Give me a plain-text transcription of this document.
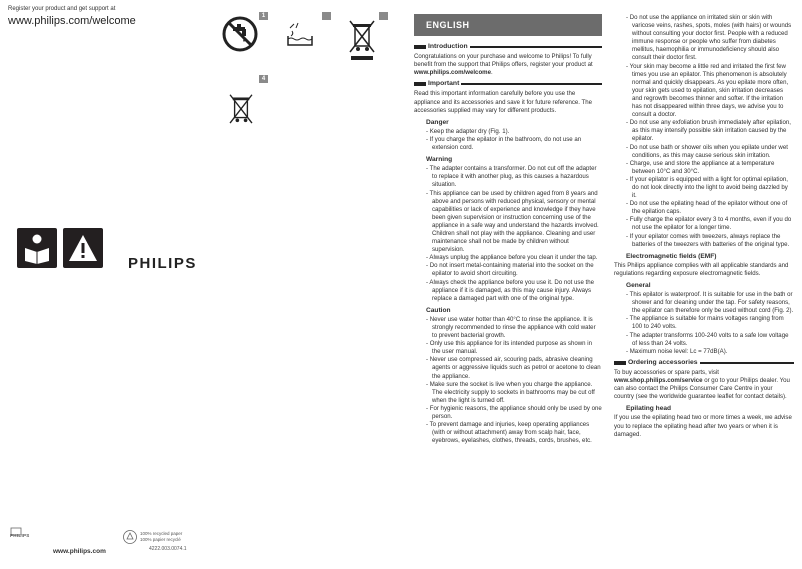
Register your product and get support at
www.philips.com/welcome	1
4
PHILIPS
PHILIPS
www.philips.com
100% recycled paper
100% papier recyclé
4222.003.0074.1
ENGLISH
Introduction

Congratulations on your purchase and welcome to Philips! To fully benefit from the support that Philips offers, register your product at www.philips.com/welcome.

Important

Read this important information carefully before you use the appliance and its accessories and save it for future reference. The accessories supplied may vary for different products.

Danger

- Keep the adapter dry (Fig. 1).

- If you charge the epilator in the bathroom, do not use an extension cord.

Warning

- The adapter contains a transformer. Do not cut off the adapter to replace it with another plug, as this causes a hazardous situation.

- This appliance can be used by children aged from 8 years and above and persons with reduced physical, sensory or mental capabilities or lack of experience and knowledge if they have been given supervision or instruction concerning use of the appliance in a safe way and understand the hazards involved. Children shall not play with the appliance. Cleaning and user maintenance shall not be made by children without supervision.

- Always unplug the appliance before you clean it under the tap.

- Do not insert metal-containing material into the socket on the epilator to avoid short circuiting.

- Always check the appliance before you use it. Do not use the appliance if it is damaged, as this may cause injury. Always replace a damaged part with one of the original type.

Caution

- Never use water hotter than 40°C to rinse the appliance. It is strongly recommended to rinse the appliance with cold water to prevent bacterial growth.

- Only use this appliance for its intended purpose as shown in the user manual.

- Never use compressed air, scouring pads, abrasive cleaning agents or aggressive liquids such as petrol or acetone to clean the appliance.

- Make sure the socket is live when you charge the appliance. The electricity supply to sockets in bathrooms may be cut off when the light is turned off.

- For hygienic reasons, the appliance should only be used by one person.

- To prevent damage and injuries, keep operating appliances (with or without attachment) away from scalp hair, face, eyebrows, eyelashes, clothes, threads, cords, brushes, etc.

- Do not use the appliance on irritated skin or skin with varicose veins, rashes, spots, moles (with hairs) or wounds without consulting your doctor first. People with a reduced immune response or people who suffer from diabetes mellitus, haemophilia or immunodeficiency should also consult their doctor first.

- Your skin may become a little red and irritated the first few times you use an epilator. This phenomenon is absolutely normal and quickly disappears. As you epilate more often, your skin gets used to epilation, skin irritation decreases and regrowth becomes thinner and softer. If the irritation has not disappeared within three days, we advise you to consult a doctor.

- Do not use any exfoliation brush immediately after epilation, as this may intensify possible skin irritation caused by the epilator.

- Do not use bath or shower oils when you epilate under wet conditions, as this may cause serious skin irritation.

- Charge, use and store the appliance at a temperature between 10°C and 30°C.

- If your epilator is equipped with a light for optimal epilation, do not look directly into the light to avoid being dazzled by it.

- Do not use the epilating head of the epilator without one of the epilation caps.

- Fully charge the epilator every 3 to 4 months, even if you do not use the epilator for a longer time.

- If your epilator comes with tweezers, always replace the batteries of the tweezers with batteries of the original type.

Electromagnetic fields (EMF)

This Philips appliance complies with all applicable standards and regulations regarding exposure electromagnetic fields.

General

- This epilator is waterproof. It is suitable for use in the bath or shower and for cleaning under the tap. For safety reasons, the epilator can therefore only be used without cord (Fig. 2).

- The appliance is suitable for mains voltages ranging from 100 to 240 volts.

- The adapter transforms 100-240 volts to a safe low voltage of less than 24 volts.

- Maximum noise level: Lc = 77dB(A).

Ordering accessories

To buy accessories or spare parts, visit www.shop.philips.com/service or go to your Philips dealer. You can also contact the Philips Consumer Care Centre in your country (see the worldwide guarantee leaflet for contact details).

Epilating head

If you use the epilating head two or more times a week, we advise you to replace the epilating head after two years or when it is damaged.
